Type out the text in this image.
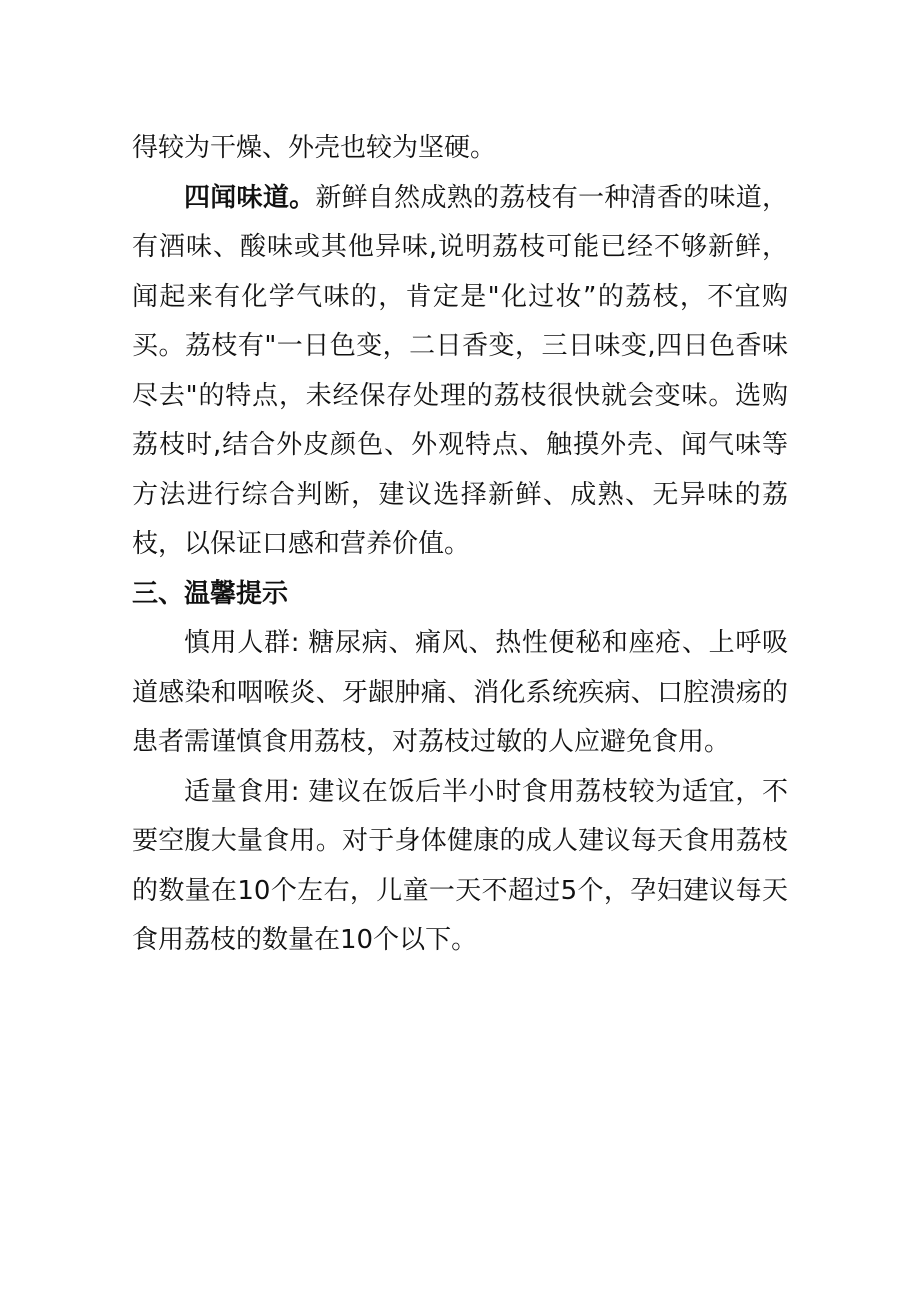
得较为干燥、外壳也较为坚硬。

四闻味道。新鲜自然成熟的荔枝有一种清香的味道，有酒味、酸味或其他异味,说明荔枝可能已经不够新鲜，闻起来有化学气味的，肯定是"化过妆”的荔枝，不宜购买。荔枝有"一日色变，二日香变，三日味变,四日色香味尽去"的特点，未经保存处理的荔枝很快就会变味。选购荔枝时,结合外皮颜色、外观特点、触摸外壳、闻气味等方法进行综合判断，建议选择新鲜、成熟、无异味的荔枝，以保证口感和营养价值。

三、温馨提示

慎用人群: 糖尿病、痛风、热性便秘和座疮、上呼吸道感染和咽喉炎、牙龈肿痛、消化系统疾病、口腔溃疡的患者需谨慎食用荔枝，对荔枝过敏的人应避免食用。

适量食用: 建议在饭后半小时食用荔枝较为适宜，不要空腹大量食用。对于身体健康的成人建议每天食用荔枝的数量在10个左右，儿童一天不超过5个，孕妇建议每天食用荔枝的数量在10个以下。
